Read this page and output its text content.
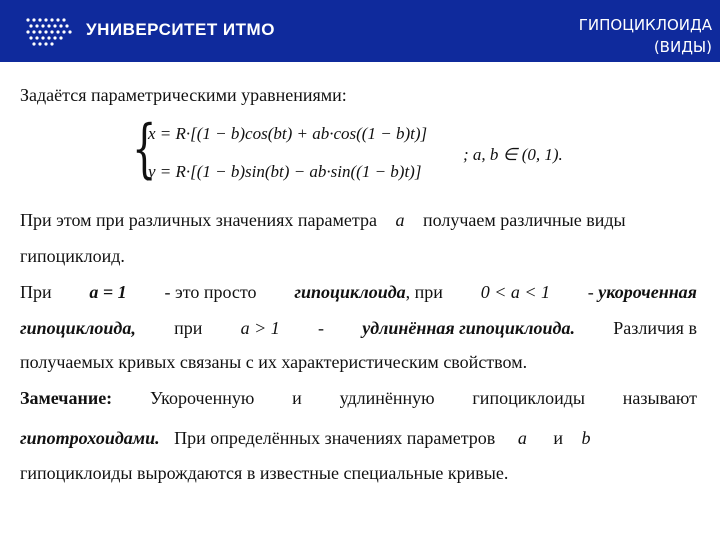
УНИВЕРСИТЕТ ИТМО	ГИПОЦИКЛОИДА
(ВИДЫ)
Задаётся параметрическими уравнениями:
{
x = R·[(1 − b)cos(bt) + ab·cos((1 − b)t)]
y = R·[(1 − b)sin(bt) − ab·sin((1 − b)t)]
; a, b ∈ (0, 1).
При этом при различных значениях параметра a получаем различные виды
гипоциклоид.
При a = 1 - это просто гипоциклоида, при 0 < a < 1 - укороченная
гипоциклоида, при a > 1 - удлинённая гипоциклоида. Различия в
получаемых кривых связаны с их характеристическим свойством.
Замечание: Укороченную и удлинённую гипоциклоиды называют
гипотрохоидами. При определённых значениях параметров a и b
гипоциклоиды вырождаются в известные специальные кривые.
